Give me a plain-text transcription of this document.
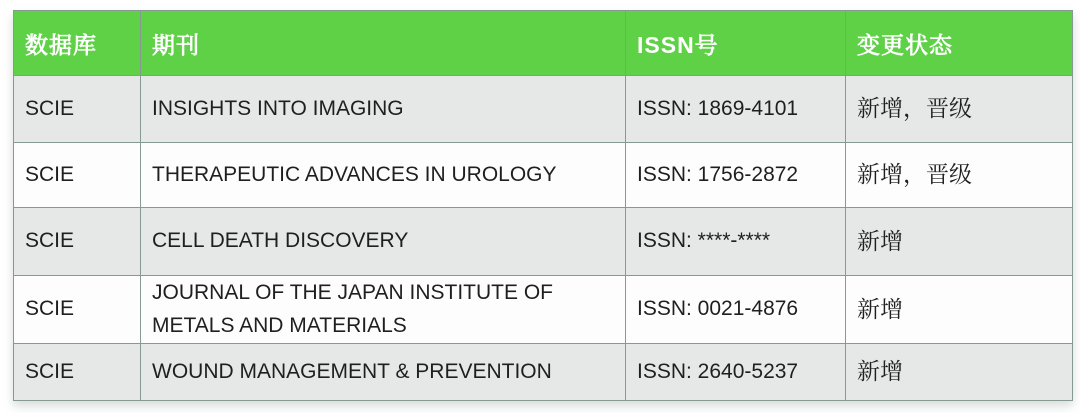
数据库	期刊	ISSN号	变更状态
SCIE	INSIGHTS INTO IMAGING	ISSN: 1869-4101	新增，晋级
SCIE	THERAPEUTIC ADVANCES IN UROLOGY	ISSN: 1756-2872	新增，晋级
SCIE	CELL DEATH DISCOVERY	ISSN: ****-****	新增
SCIE	JOURNAL OF THE JAPAN INSTITUTE OF METALS AND MATERIALS	ISSN: 0021-4876	新增
SCIE	WOUND MANAGEMENT & PREVENTION	ISSN: 2640-5237	新增
